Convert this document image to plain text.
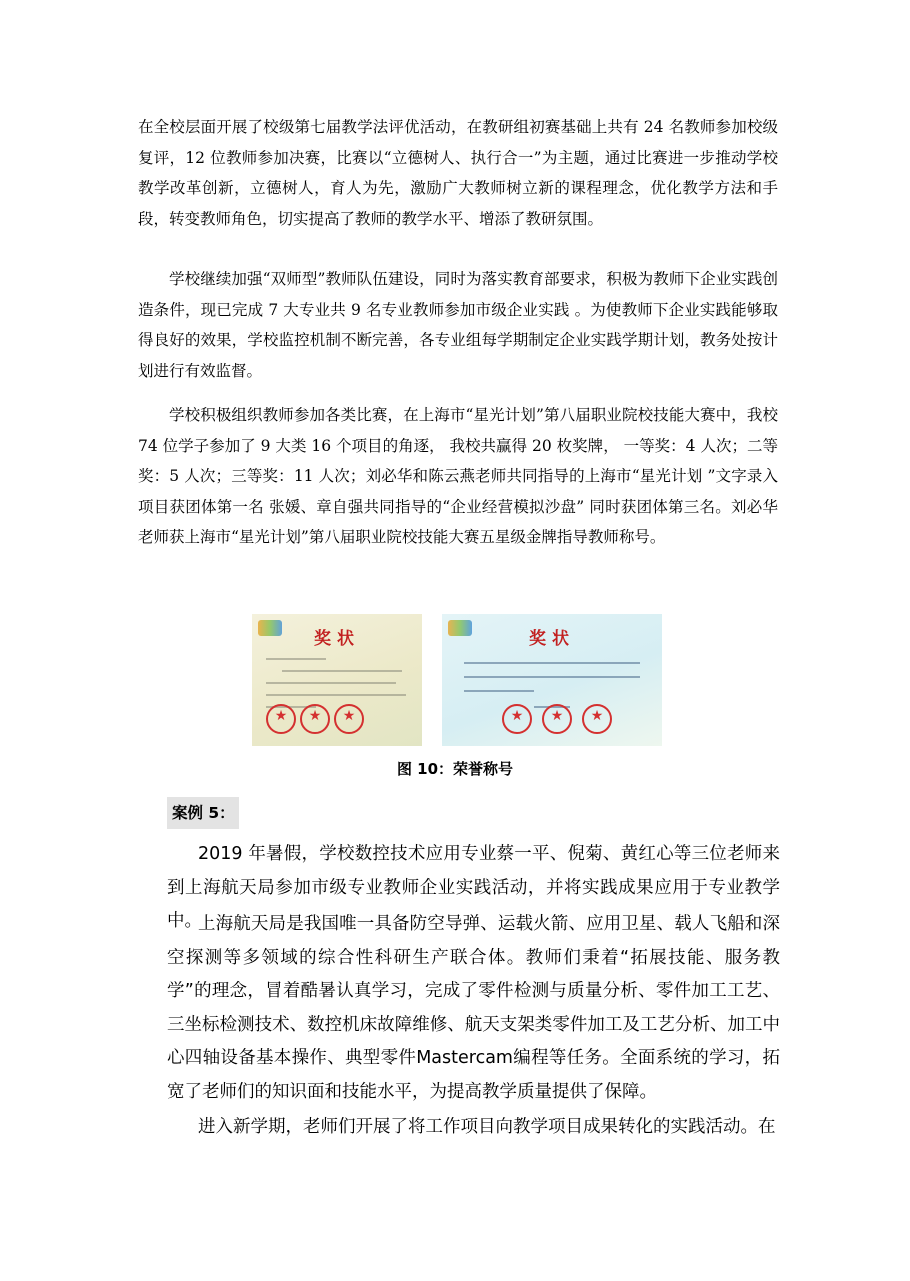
在全校层面开展了校级第七届教学法评优活动，在教研组初赛基础上共有 24 名教师参加校级复评，12 位教师参加决赛，比赛以“立德树人、执行合一”为主题，通过比赛进一步推动学校教学改革创新，立德树人，育人为先，激励广大教师树立新的课程理念，优化教学方法和手段，转变教师角色，切实提高了教师的教学水平、增添了教研氛围。

学校继续加强“双师型”教师队伍建设，同时为落实教育部要求，积极为教师下企业实践创造条件，现已完成 7 大专业共 9 名专业教师参加市级企业实践 。为使教师下企业实践能够取得良好的效果，学校监控机制不断完善，各专业组每学期制定企业实践学期计划，教务处按计划进行有效监督。

学校积极组织教师参加各类比赛，在上海市“星光计划”第八届职业院校技能大赛中，我校 74 位学子参加了 9 大类 16 个项目的角逐， 我校共赢得 20 枚奖牌， 一等奖：4 人次；二等奖：5 人次；三等奖：11 人次；刘必华和陈云燕老师共同指导的上海市“星光计划 ”文字录入项目获团体第一名 张媛、章自强共同指导的“企业经营模拟沙盘” 同时获团体第三名。刘必华老师获上海市“星光计划”第八届职业院校技能大赛五星级金牌指导教师称号。

奖状
★
★
★	奖状
★
★
★
图 10：荣誉称号
案例 5：

2019 年暑假，学校数控技术应用专业蔡一平、倪菊、黄红心等三位老师来到上海航天局参加市级专业教师企业实践活动，并将实践成果应用于专业教学中。

上海航天局是我国唯一具备防空导弹、运载火箭、应用卫星、载人飞船和深空探测等多领域的综合性科研生产联合体。教师们秉着“拓展技能、服务教学”的理念，冒着酷暑认真学习，完成了零件检测与质量分析、零件加工工艺、三坐标检测技术、数控机床故障维修、航天支架类零件加工及工艺分析、加工中心四轴设备基本操作、典型零件Mastercam编程等任务。全面系统的学习，拓宽了老师们的知识面和技能水平，为提高教学质量提供了保障。

进入新学期，老师们开展了将工作项目向教学项目成果转化的实践活动。在
